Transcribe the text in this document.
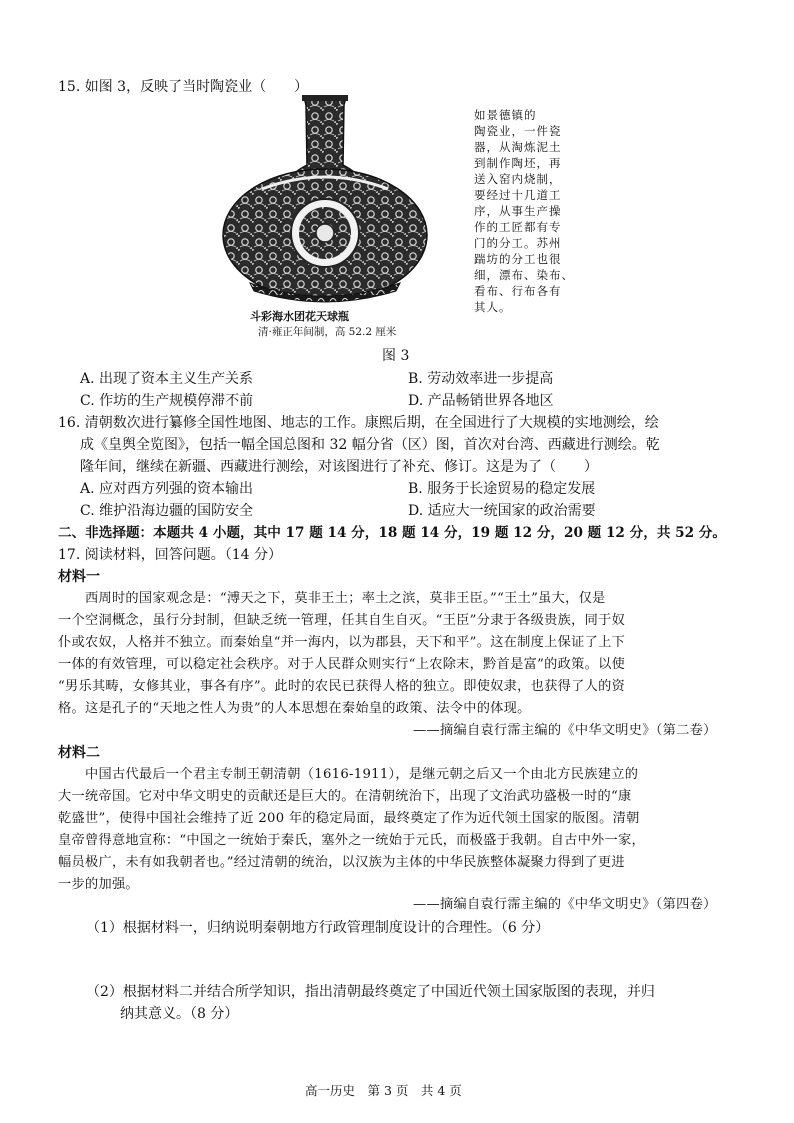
15. 如图 3，反映了当时陶瓷业（　　）
斗彩海水团花天球瓶
清·雍正年间制，高 52.2 厘米
如景德镇的
陶瓷业，一件瓷
器，从淘炼泥土
到制作陶坯，再
送入窑内烧制，
要经过十几道工
序，从事生产操
作的工匠都有专
门的分工。苏州
踹坊的分工也很
细，漂布、染布、
看布、行布各有
其人。
图 3
A. 出现了资本主义生产关系	B. 劳动效率进一步提高
C. 作坊的生产规模停滞不前	D. 产品畅销世界各地区
16. 清朝数次进行纂修全国性地图、地志的工作。康熙后期，在全国进行了大规模的实地测绘，绘
成《皇舆全览图》，包括一幅全国总图和 32 幅分省（区）图，首次对台湾、西藏进行测绘。乾
隆年间，继续在新疆、西藏进行测绘，对该图进行了补充、修订。这是为了（　　）
A. 应对西方列强的资本输出	B. 服务于长途贸易的稳定发展
C. 维护沿海边疆的国防安全	D. 适应大一统国家的政治需要
二、非选择题：本题共 4 小题，其中 17 题 14 分，18 题 14 分，19 题 12 分，20 题 12 分，共 52 分。
17. 阅读材料，回答问题。（14 分）
材料一
　　西周时的国家观念是：“溥天之下，莫非王土；率土之滨，莫非王臣。”“王土”虽大，仅是
一个空洞概念，虽行分封制，但缺乏统一管理，任其自生自灭。“王臣”分隶于各级贵族，同于奴
仆或农奴，人格并不独立。而秦始皇“并一海内，以为郡县，天下和平”。这在制度上保证了上下
一体的有效管理，可以稳定社会秩序。对于人民群众则实行“上农除末，黔首是富”的政策。以使
“男乐其畴，女修其业，事各有序”。此时的农民已获得人格的独立。即使奴隶，也获得了人的资
格。这是孔子的“天地之性人为贵”的人本思想在秦始皇的政策、法令中的体现。
——摘编自袁行霈主编的《中华文明史》（第二卷）
材料二
　　中国古代最后一个君主专制王朝清朝（1616-1911），是继元朝之后又一个由北方民族建立的
大一统帝国。它对中华文明史的贡献还是巨大的。在清朝统治下，出现了文治武功盛极一时的“康
乾盛世”，使得中国社会维持了近 200 年的稳定局面，最终奠定了作为近代领土国家的版图。清朝
皇帝曾得意地宣称：“中国之一统始于秦氏，塞外之一统始于元氏，而极盛于我朝。自古中外一家，
幅员极广，未有如我朝者也。”经过清朝的统治，以汉族为主体的中华民族整体凝聚力得到了更进
一步的加强。
——摘编自袁行霈主编的《中华文明史》（第四卷）
（1）根据材料一，归纳说明秦朝地方行政管理制度设计的合理性。（6 分）
（2）根据材料二并结合所学知识，指出清朝最终奠定了中国近代领土国家版图的表现，并归
纳其意义。（8 分）
高一历史　第 3 页　共 4 页
